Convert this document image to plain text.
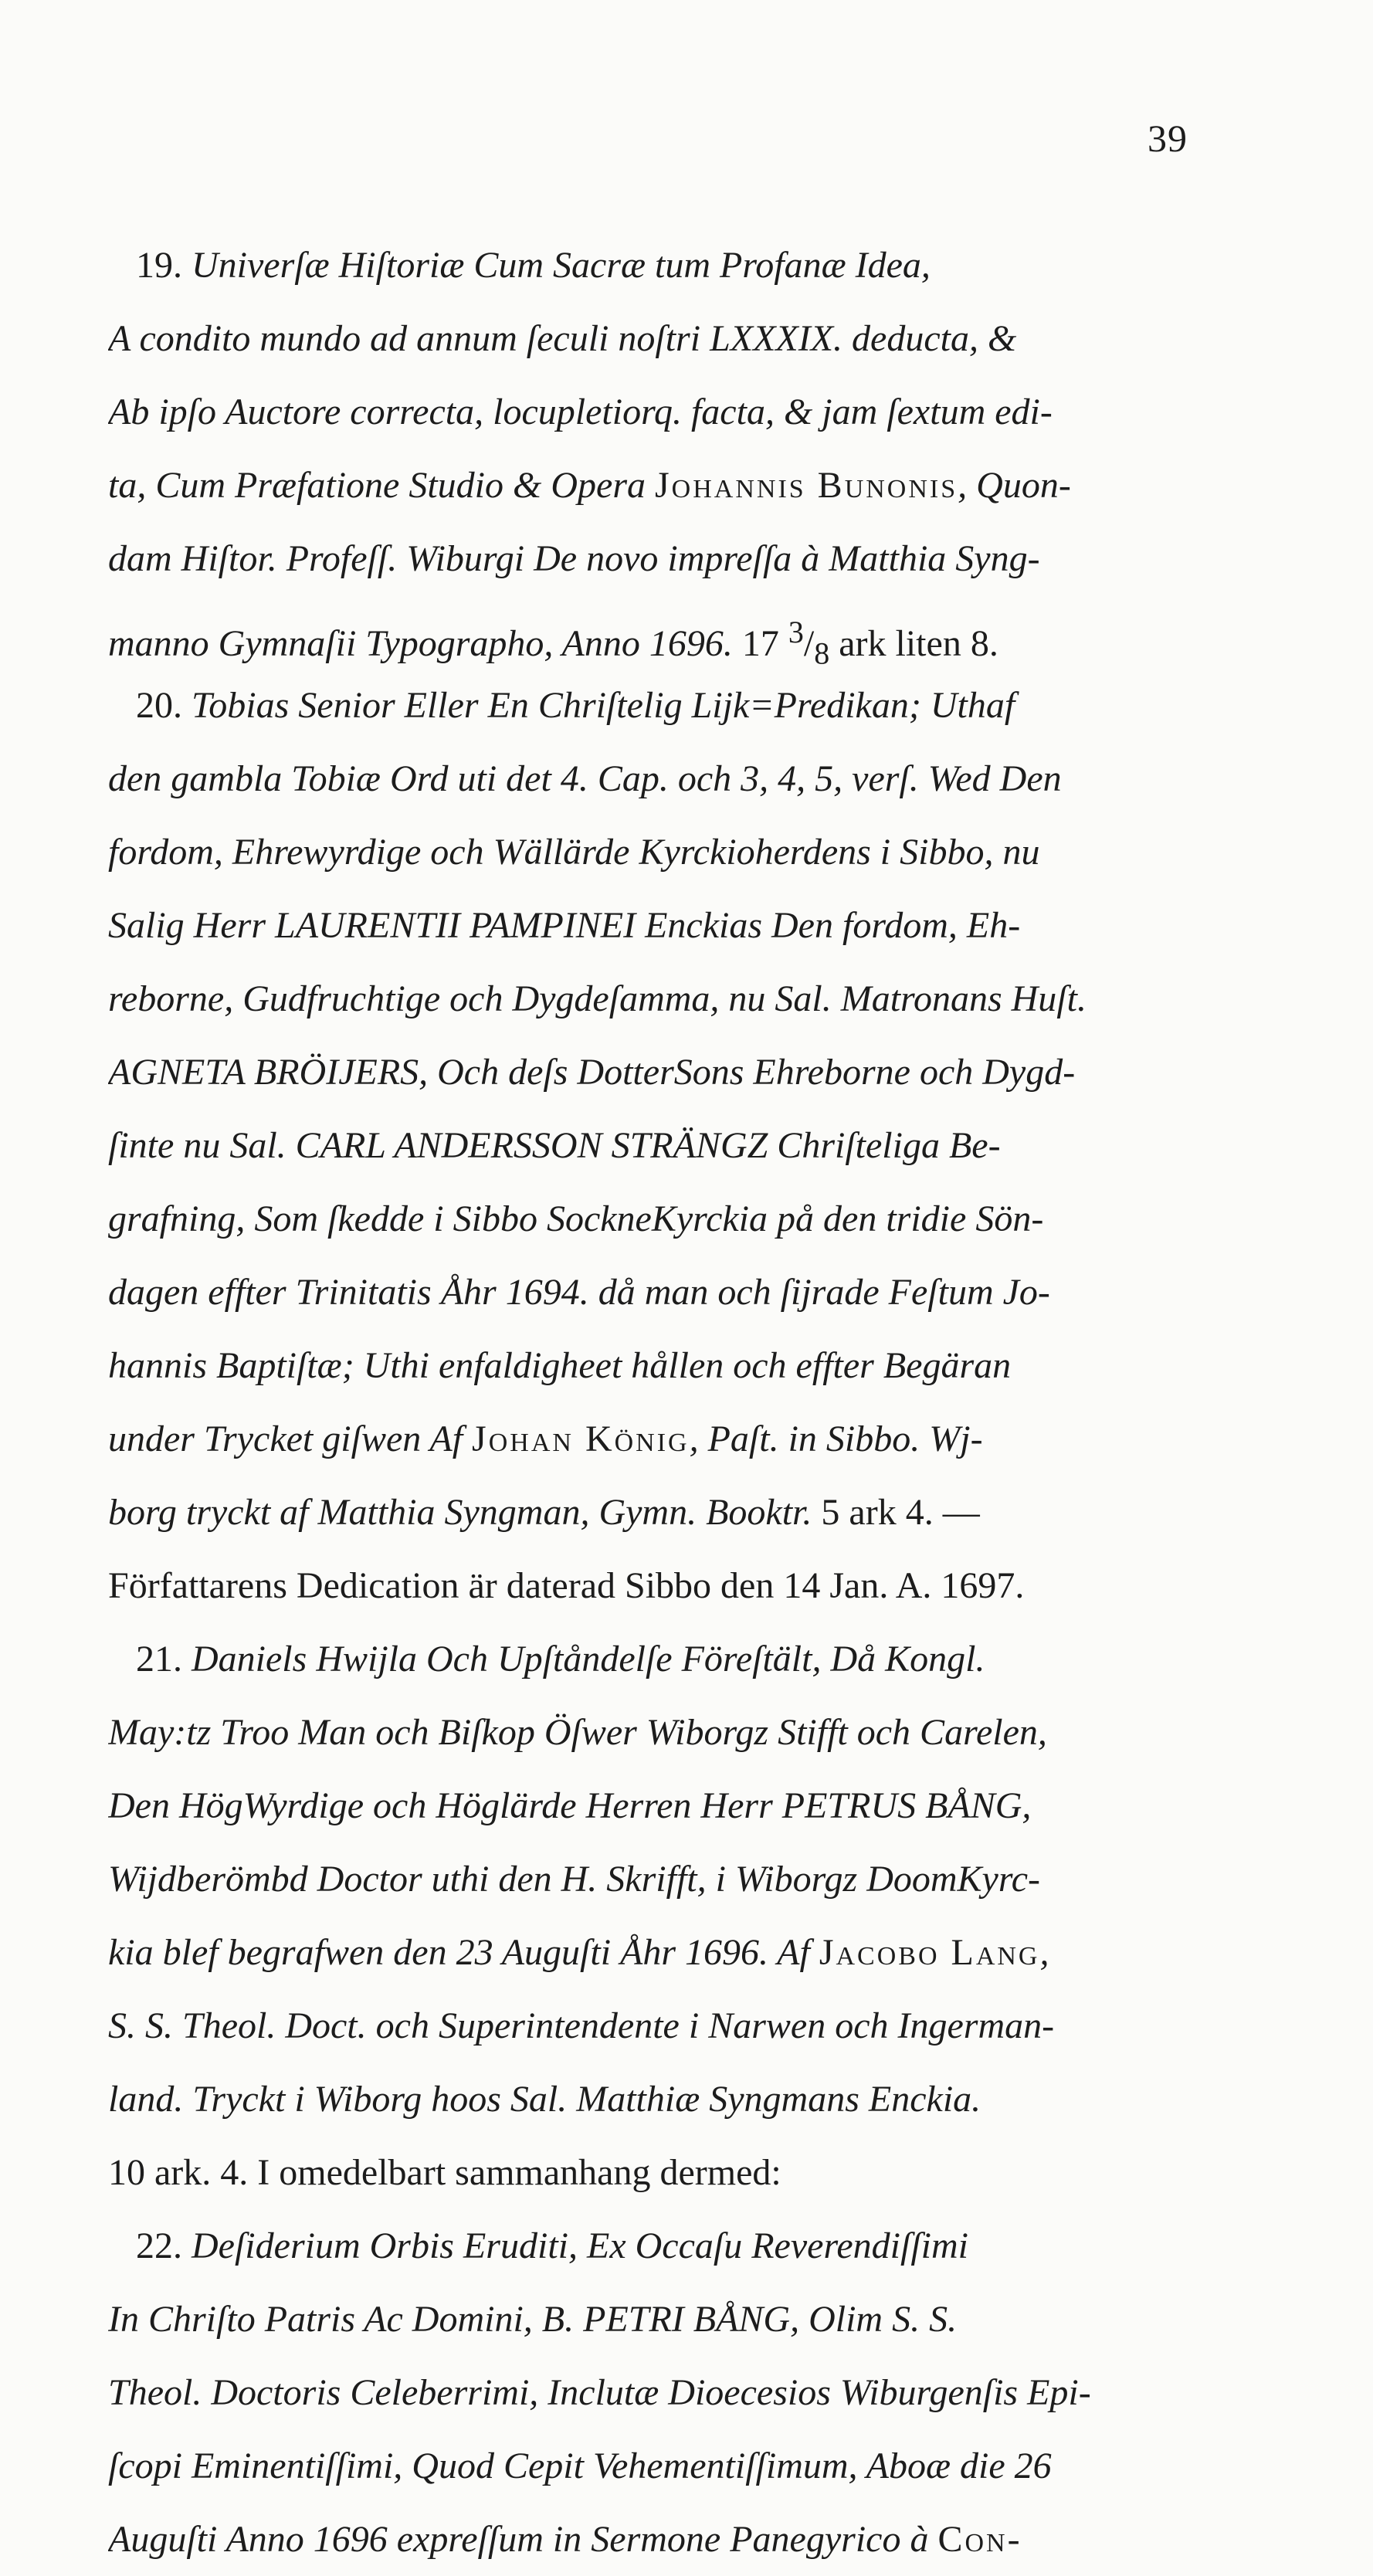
39
19. Univerſæ Hiſtoriæ Cum Sacræ tum Profanæ Idea,
A condito mundo ad annum ſeculi noſtri LXXXIX. deducta, &
Ab ipſo Auctore correcta, locupletiorq. facta, & jam ſextum edi-
ta, Cum Præfatione Studio & Opera Johannis Bunonis, Quon-
dam Hiſtor. Profeſſ. Wiburgi De novo impreſſa à Matthia Syng-
manno Gymnaſii Typographo, Anno 1696. 17 $^3/_8$ ark liten 8.
20. Tobias Senior Eller En Chriſtelig Lijk=Predikan; Uthaf
den gambla Tobiæ Ord uti det 4. Cap. och 3, 4, 5, verſ. Wed Den
fordom, Ehrewyrdige och Wällärde Kyrckioherdens i Sibbo, nu
Salig Herr LAURENTII PAMPINEI Enckias Den fordom, Eh-
reborne, Gudfruchtige och Dygdeſamma, nu Sal. Matronans Huſt.
AGNETA BRÖIJERS, Och deſs DotterSons Ehreborne och Dygd-
ſinte nu Sal. CARL ANDERSSON STRÄNGZ Chriſteliga Be-
grafning, Som ſkedde i Sibbo SockneKyrckia på den tridie Sön-
dagen effter Trinitatis Åhr 1694. då man och ſijrade Feſtum Jo-
hannis Baptiſtæ; Uthi enfaldigheet hållen och effter Begäran
under Trycket giſwen Af Johan König, Paſt. in Sibbo. Wj-
borg tryckt af Matthia Syngman, Gymn. Booktr. 5 ark 4. —
Författarens Dedication är daterad Sibbo den 14 Jan. A. 1697.
21. Daniels Hwijla Och Upſtåndelſe Föreſtält, Då Kongl.
May:tz Troo Man och Biſkop Öſwer Wiborgz Stifft och Carelen,
Den HögWyrdige och Höglärde Herren Herr PETRUS BÅNG,
Wijdberömbd Doctor uthi den H. Skrifft, i Wiborgz DoomKyrc-
kia blef begrafwen den 23 Auguſti Åhr 1696. Af Jacobo Lang,
S. S. Theol. Doct. och Superintendente i Narwen och Ingerman-
land. Tryckt i Wiborg hoos Sal. Matthiæ Syngmans Enckia.
10 ark. 4. I omedelbart sammanhang dermed:
22. Deſiderium Orbis Eruditi, Ex Occaſu Reverendiſſimi
In Chriſto Patris Ac Domini, B. PETRI BÅNG, Olim S. S.
Theol. Doctoris Celeberrimi, Inclutæ Dioecesios Wiburgenſis Epi-
ſcopi Eminentiſſimi, Quod Cepit Vehementiſſimum, Aboæ die 26
Auguſti Anno 1696 expreſſum in Sermone Panegyrico à Con-
